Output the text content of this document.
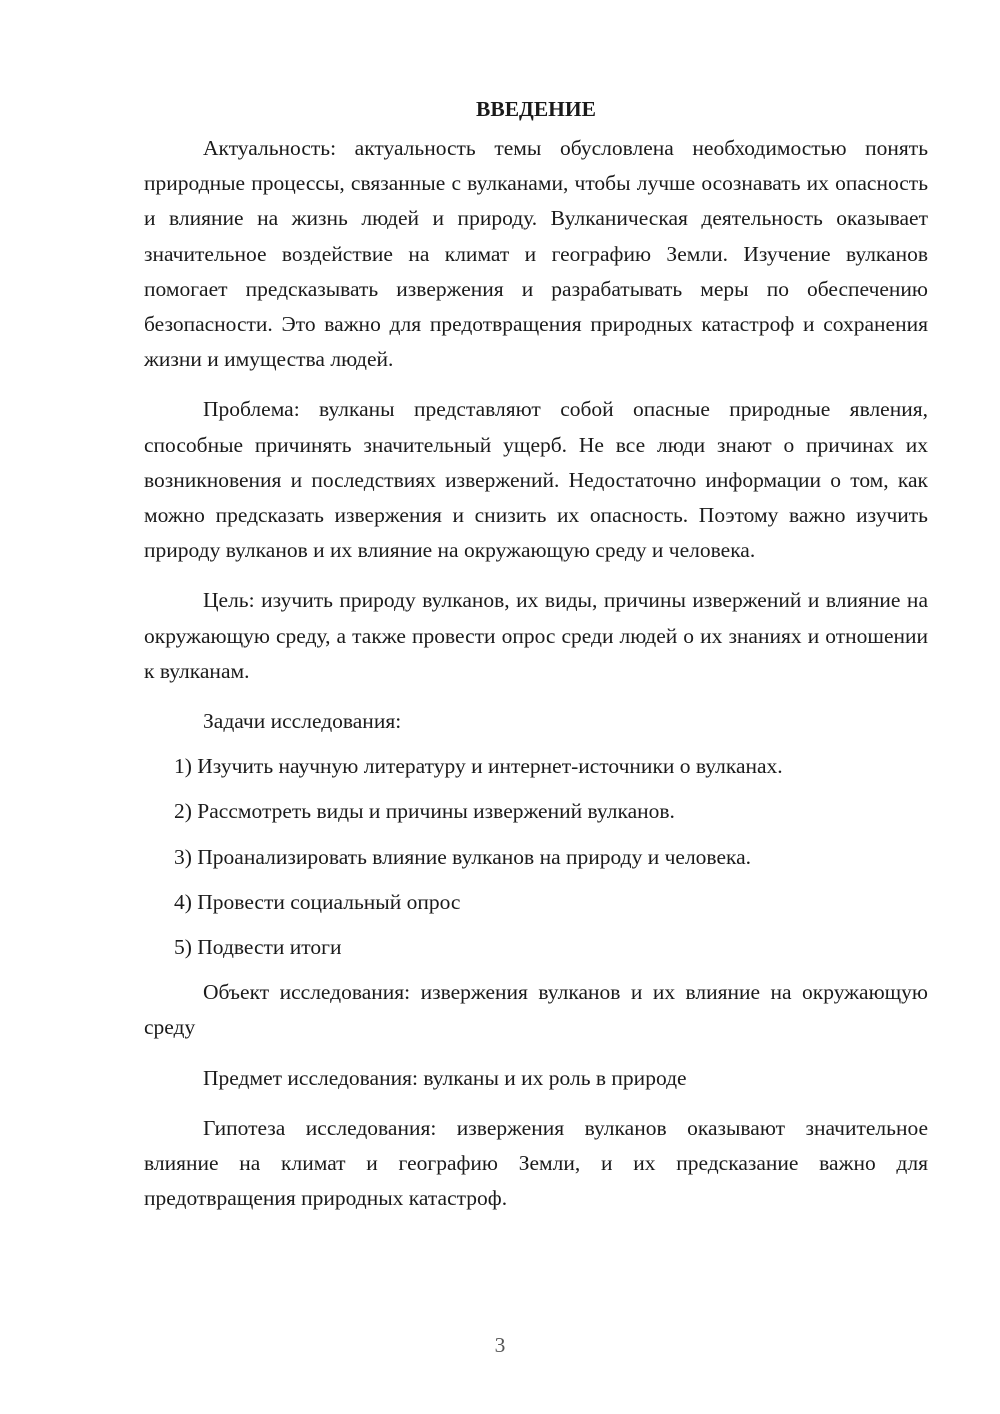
ВВЕДЕНИЕ

Актуальность: актуальность темы обусловлена необходимостью понять природные процессы, связанные с вулканами, чтобы лучше осознавать их опасность и влияние на жизнь людей и природу. Вулканическая деятельность оказывает значительное воздействие на климат и географию Земли. Изучение вулканов помогает предсказывать извержения и разрабатывать меры по обеспечению безопасности. Это важно для предотвращения природных катастроф и сохранения жизни и имущества людей.

Проблема: вулканы представляют собой опасные природные явления, способные причинять значительный ущерб. Не все люди знают о причинах их возникновения и последствиях извержений. Недостаточно информации о том, как можно предсказать извержения и снизить их опасность. Поэтому важно изучить природу вулканов и их влияние на окружающую среду и человека.

Цель: изучить природу вулканов, их виды, причины извержений и влияние на окружающую среду, а также провести опрос среди людей о их знаниях и отношении к вулканам.

Задачи исследования:

1) Изучить научную литературу и интернет-источники о вулканах.

2) Рассмотреть виды и причины извержений вулканов.

3) Проанализировать влияние вулканов на природу и человека.

4) Провести социальный опрос

5) Подвести итоги

Объект исследования: извержения вулканов и их влияние на окружающую среду

Предмет исследования: вулканы и их роль в природе

Гипотеза исследования: извержения вулканов оказывают значительное влияние на климат и географию Земли, и их предсказание важно для предотвращения природных катастроф.

3
